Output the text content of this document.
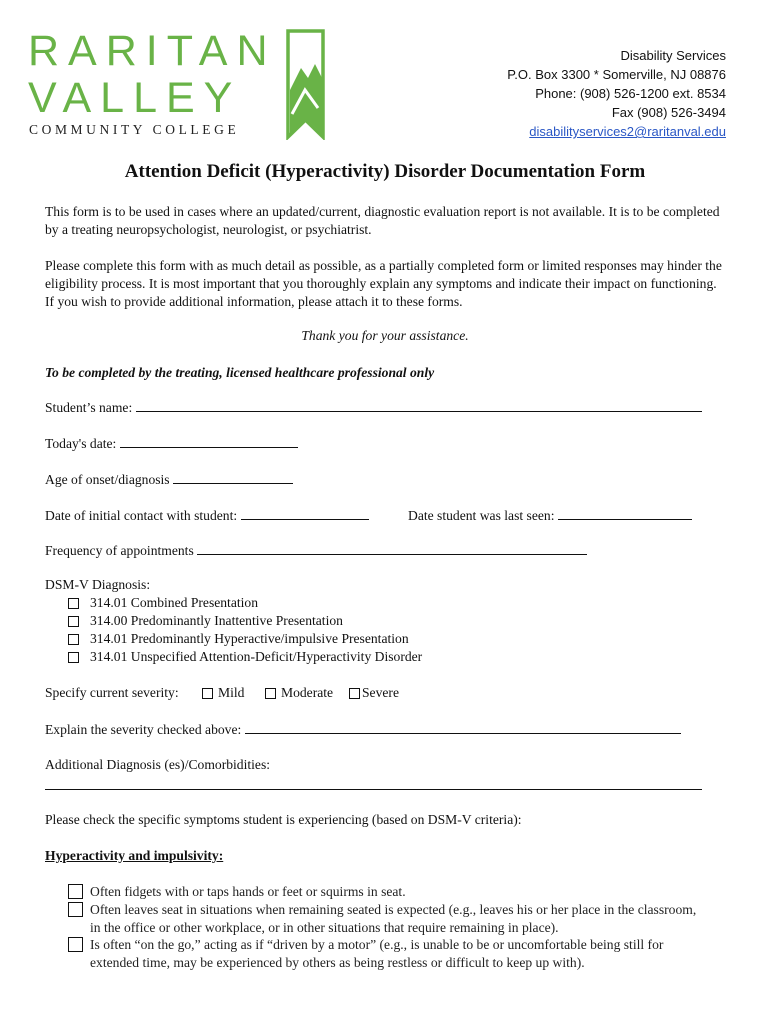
RARITAN
VALLEY
COMMUNITY COLLEGE
Disability Services
P.O. Box 3300 * Somerville, NJ 08876
Phone: (908) 526-1200 ext. 8534
Fax (908) 526-3494
disabilityservices2@raritanval.edu
Attention Deficit (Hyperactivity) Disorder Documentation Form
This form is to be used in cases where an updated/current, diagnostic evaluation report is not available. It is to be completed by a treating neuropsychologist, neurologist, or psychiatrist.
Please complete this form with as much detail as possible, as a partially completed form or limited responses may hinder the eligibility process. It is most important that you thoroughly explain any symptoms and indicate their impact on functioning. If you wish to provide additional information, please attach it to these forms.
Thank you for your assistance.
To be completed by the treating, licensed healthcare professional only
Student’s name:
Today's date:
Age of onset/diagnosis
Date of initial contact with student:	Date student was last seen:
Frequency of appointments
DSM-V Diagnosis:
314.01 Combined Presentation
314.00 Predominantly Inattentive Presentation
314.01 Predominantly Hyperactive/impulsive Presentation
314.01 Unspecified Attention-Deficit/Hyperactivity Disorder
Specify current severity:	Mild	Moderate Severe
Explain the severity checked above:
Additional Diagnosis (es)/Comorbidities:
Please check the specific symptoms student is experiencing (based on DSM-V criteria):
Hyperactivity and impulsivity:
Often fidgets with or taps hands or feet or squirms in seat.
Often leaves seat in situations when remaining seated is expected (e.g., leaves his or her place in the classroom, in the office or other workplace, or in other situations that require remaining in place).
Is often “on the go,” acting as if “driven by a motor” (e.g., is unable to be or uncomfortable being still for extended time, may be experienced by others as being restless or difficult to keep up with).
